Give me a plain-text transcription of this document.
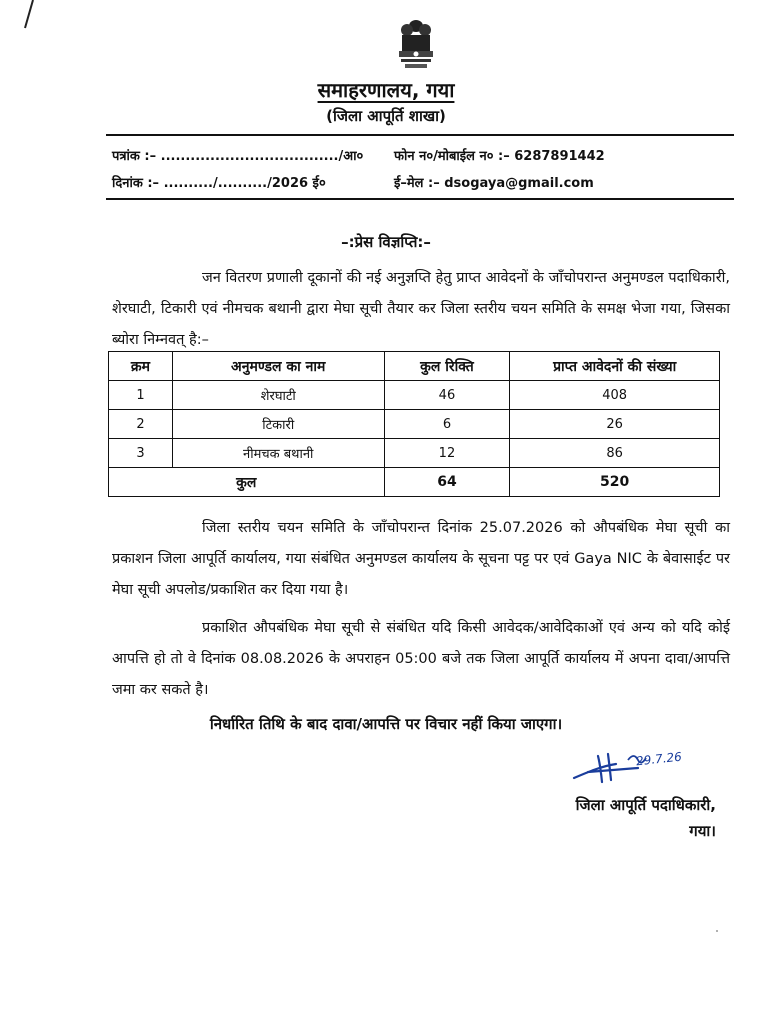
समाहरणालय, गया
(जिला आपूर्ति शाखा)
पत्रांक :– ..................................../आ० फोन न०/मोबाईल न० :– 6287891442
दिनांक :– ........../........../2026 ई०	ई–मेल :– dsogaya@gmail.com
–:प्रेस विज्ञप्ति:–

जन वितरण प्रणाली दूकानों की नई अनुज्ञप्ति हेतु प्राप्त आवेदनों के जाँचोपरान्त अनुमण्डल पदाधिकारी, शेरघाटी, टिकारी एवं नीमचक बथानी द्वारा मेघा सूची तैयार कर जिला स्तरीय चयन समिति के समक्ष भेजा गया, जिसका ब्योरा निम्नवत् है:–

क्रम	अनुमण्डल का नाम	कुल रिक्ति	प्राप्त आवेदनों की संख्या
1	शेरघाटी	46	408
2	टिकारी	6	26
3	नीमचक बथानी	12	86
कुल		64	520

जिला स्तरीय चयन समिति के जाँचोपरान्त दिनांक 25.07.2026 को औपबंधिक मेघा सूची का प्रकाशन जिला आपूर्ति कार्यालय, गया संबंधित अनुमण्डल कार्यालय के सूचना पट्ट पर एवं Gaya NIC के बेवासाईट पर मेघा सूची अपलोड/प्रकाशित कर दिया गया है।

प्रकाशित औपबंधिक मेघा सूची से संबंधित यदि किसी आवेदक/आवेदिकाओं एवं अन्य को यदि कोई आपत्ति हो तो वे दिनांक 08.08.2026 के अपराहन 05:00 बजे तक जिला आपूर्ति कार्यालय में अपना दावा/आपत्ति जमा कर सकते है।

निर्धारित तिथि के बाद दावा/आपत्ति पर विचार नहीं किया जाएगा।
29.7.26
जिला आपूर्ति पदाधिकारी,
गया।
